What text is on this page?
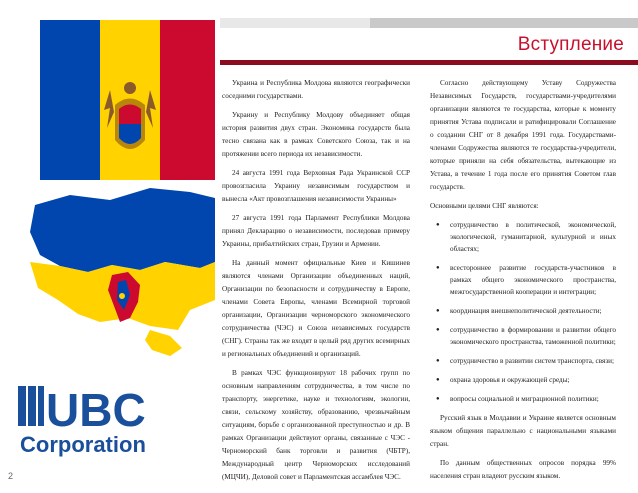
Вступление

Украина и Республика Молдова являются географически соседними государствами.

Украину и Республику Молдову объединяет общая история развития двух стран. Экономика государств была тесно связана как в рамках Советского Союза, так и на протяжении всего периода их независимости.

24 августа 1991 года Верховная Рада Украинской ССР провозгласила Украину независимым государством и вынесла «Акт провозглашения независимости Украины»

27 августа 1991 года Парламент Республики Молдова принял Декларацию о независимости, последовав примеру Украины, прибалтийских стран, Грузии и Армении.

На данный момент официальные Киев и Кишинев являются членами Организации объединенных наций, Организации по безопасности и сотрудничеству в Европе, членами Совета Европы, членами Всемирной торговой организации, Организации черноморского экономического сотрудничества (ЧЭС) и Союза независимых государств (СНГ). Страны так же входят в целый ряд других всемирных и региональных объединений и организаций.

В рамках ЧЭС функционируют 18 рабочих групп по основным направлениям сотрудничества, в том числе по транспорту, энергетике, науке и технологиям, экологии, связи, сельскому хозяйству, образованию, чрезвычайным ситуациям, борьбе с организованной преступностью и др. В рамках Организации действуют органы, связанные с ЧЭС - Черноморский банк торговли и развития (ЧБТР), Международный центр Черноморских исследований (МЦЧИ), Деловой совет и Парламентская ассамблея ЧЭС.

Согласно действующему Уставу Содружества Независимых Государств, государствами-учредителями организации являются те государства, которые к моменту принятия Устава подписали и ратифицировали Соглашение о создании СНГ от 8 декабря 1991 года. Государствами-членами Содружества являются те государства-учредители, которые приняли на себя обязательства, вытекающие из Устава, в течение 1 года после его принятия Советом глав государств.

Основными целями СНГ являются:

● сотрудничество в политической, экономической, экологической, гуманитарной, культурной и иных областях;
● всестороннее развитие государств-участников в рамках общего экономического пространства, межгосударственной кооперации и интеграции;
● координация внешнеполитической деятельности;
● сотрудничество в формировании и развитии общего экономического пространства, таможенной политики;
● сотрудничество в развитии систем транспорта, связи;
● охрана здоровья и окружающей среды;
● вопросы социальной и миграционной политики;

Русский язык в Молдавии и Украине является основным языком общения параллельно с национальными языками стран.

По данным общественных опросов порядка 99% населения стран владеют русским языком.

UBC
Corporation
2
